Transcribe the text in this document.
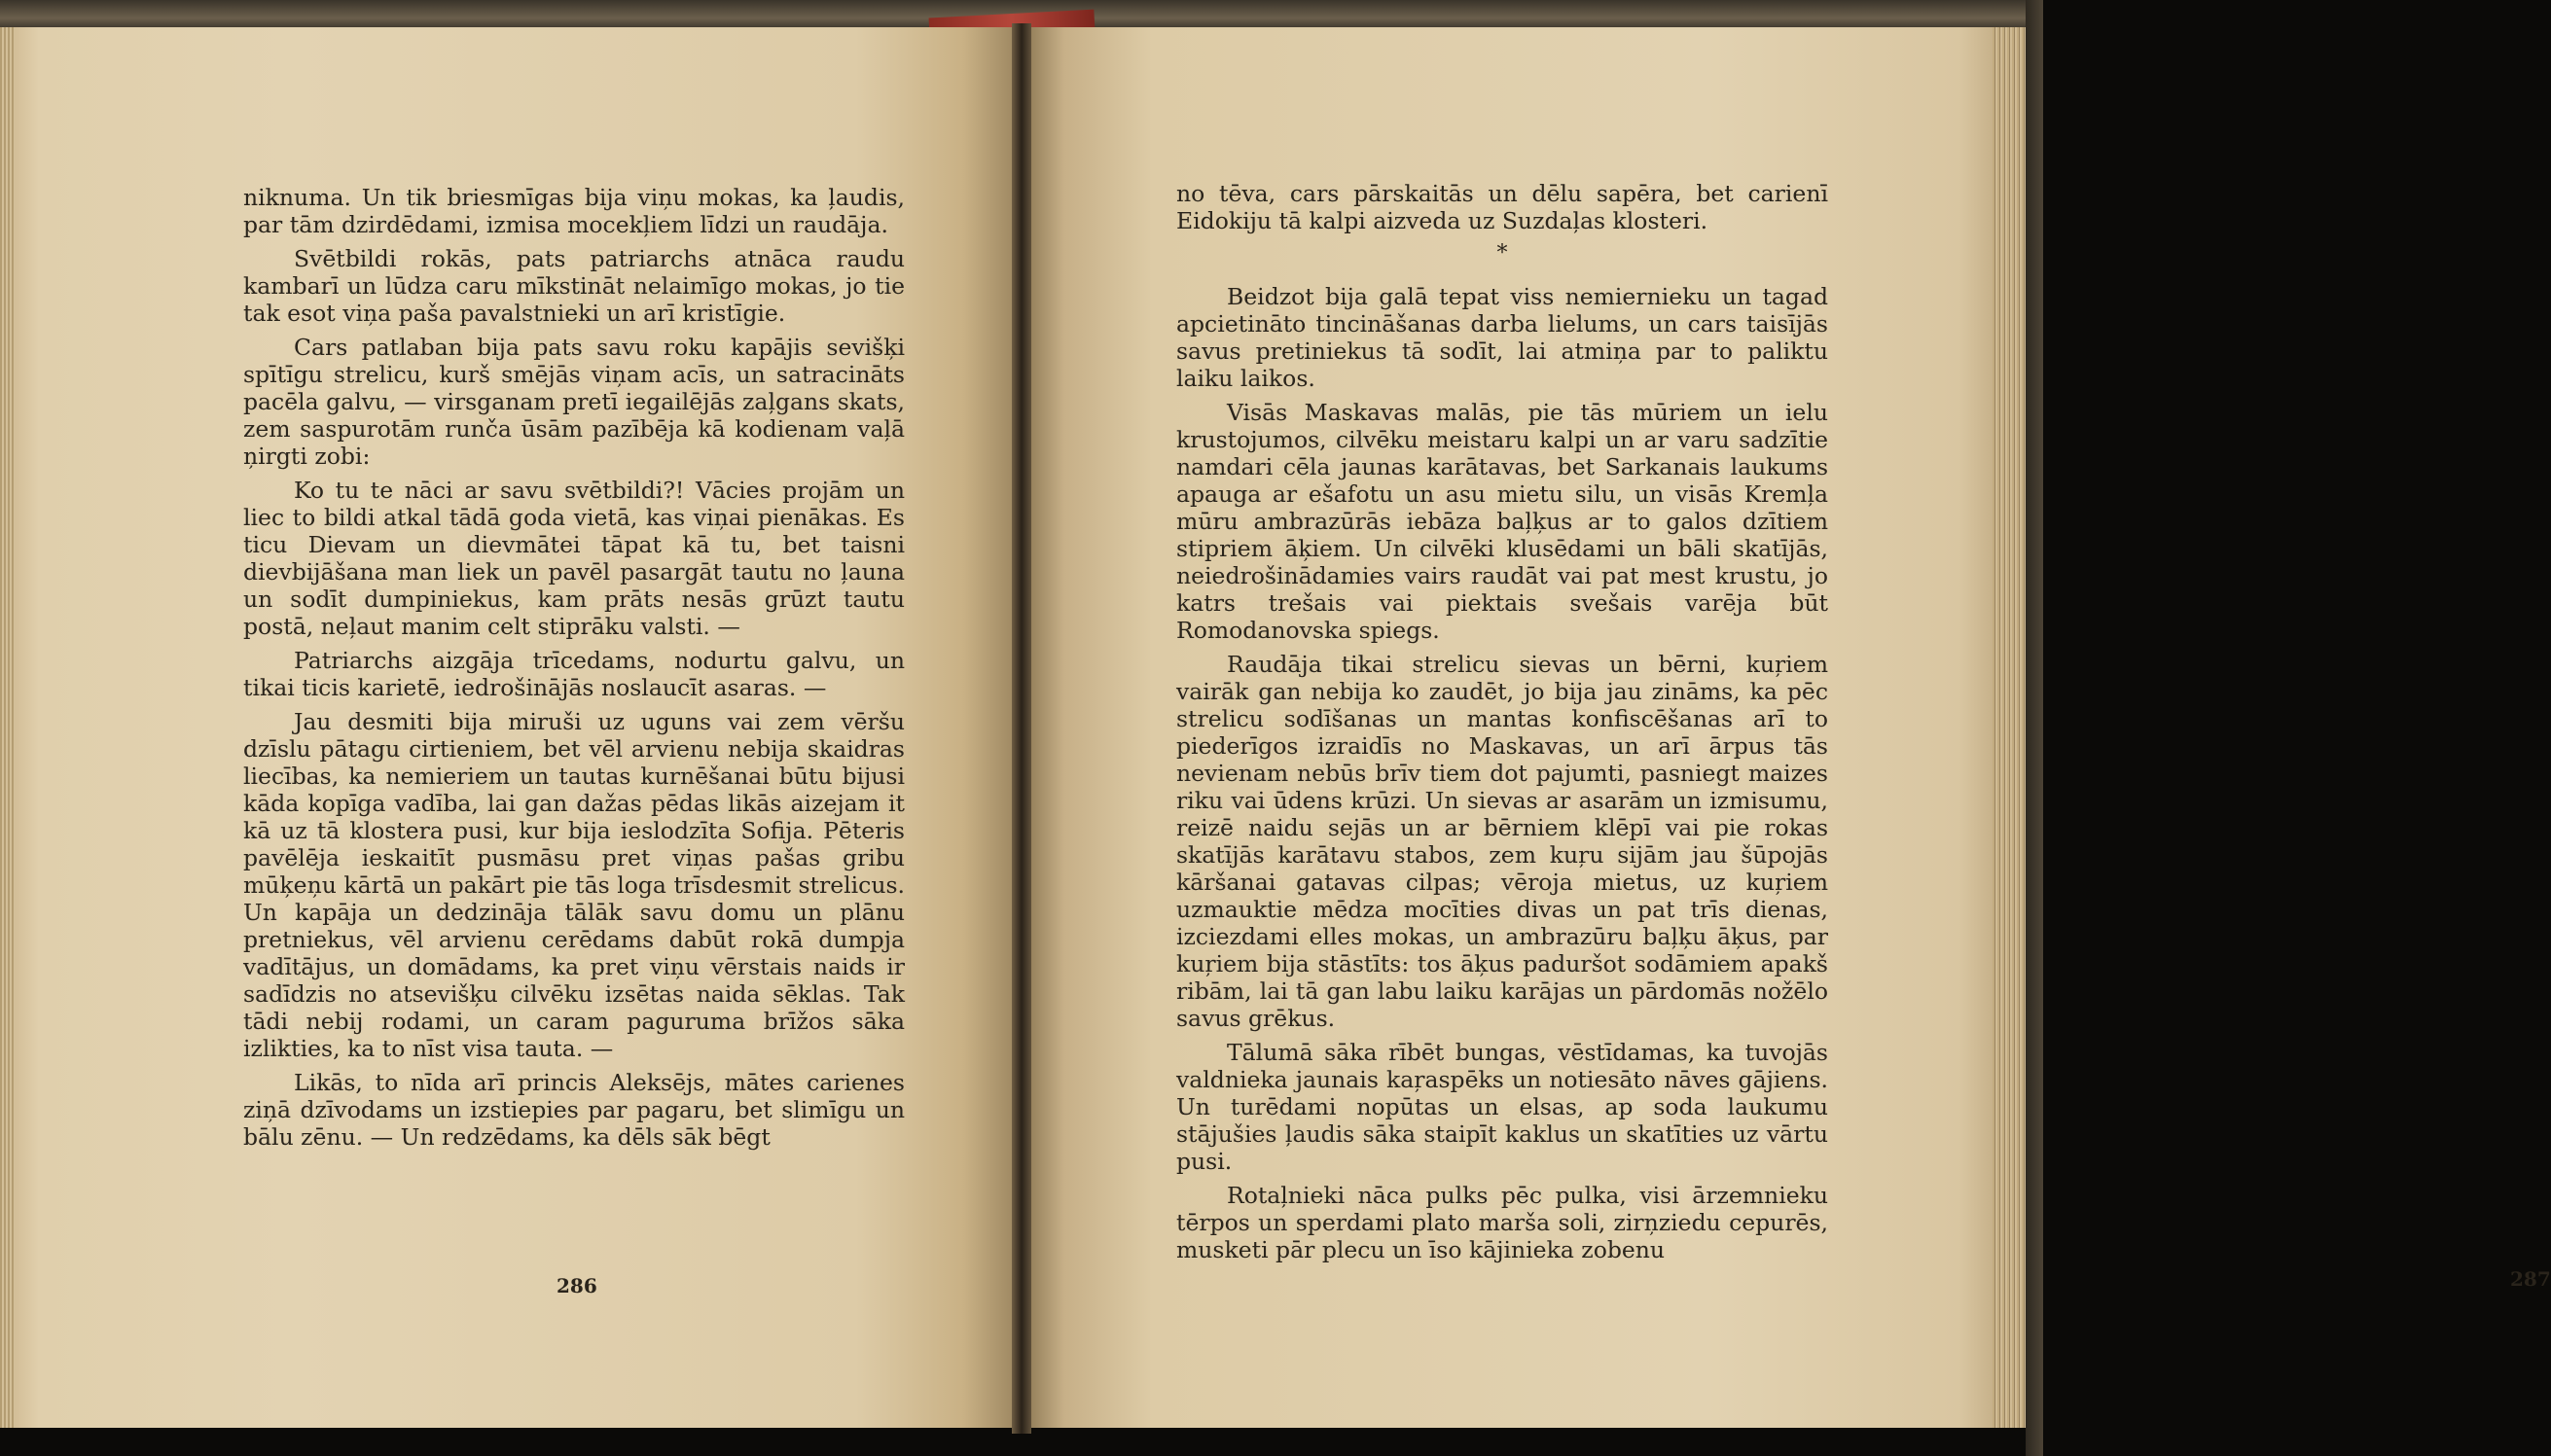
niknuma. Un tik briesmīgas bija viņu mokas, ka ļaudis, par tām dzirdēdami, izmisa mocekļiem līdzi un raudāja.

Svētbildi rokās, pats patriarchs atnāca raudu kambarī un lūdza caru mīkstināt nelaimīgo mokas, jo tie tak esot viņa paša pavalstnieki un arī kristīgie.

Cars patlaban bija pats savu roku kapājis sevišķi spītīgu strelicu, kurš smējās viņam acīs, un satracināts pacēla galvu, — virsganam pretī iegailējās zaļgans skats, zem saspurotām runča ūsām pazībēja kā kodienam vaļā ņirgti zobi:

Ko tu te nāci ar savu svētbildi?! Vācies projām un liec to bildi atkal tādā goda vietā, kas viņai pienākas. Es ticu Dievam un dievmātei tāpat kā tu, bet taisni dievbijāšana man liek un pavēl pasargāt tautu no ļauna un sodīt dumpiniekus, kam prāts nesās grūzt tautu postā, neļaut manim celt stiprāku valsti. —

Patriarchs aizgāja trīcedams, nodurtu galvu, un tikai ticis karietē, iedrošinājās noslaucīt asaras. —

Jau desmiti bija miruši uz uguns vai zem vēršu dzīslu pātagu cirtieniem, bet vēl arvienu nebija skaidras liecības, ka nemieriem un tautas kurnēšanai būtu bijusi kāda kopīga vadība, lai gan dažas pēdas likās aizejam it kā uz tā klostera pusi, kur bija ieslodzīta Sofija. Pēteris pavēlēja ieskaitīt pusmāsu pret viņas pašas gribu mūķeņu kārtā un pakārt pie tās loga trīsdesmit strelicus. Un kapāja un dedzināja tālāk savu domu un plānu pretniekus, vēl arvienu cerēdams dabūt rokā dumpja vadītājus, un domādams, ka pret viņu vērstais naids ir sadīdzis no atsevišķu cilvēku izsētas naida sēklas. Tak tādi nebij rodami, un caram paguruma brīžos sāka izlikties, ka to nīst visa tauta. —

Likās, to nīda arī princis Aleksējs, mātes carienes ziņā dzīvodams un izstiepies par pagaru, bet slimīgu un bālu zēnu. — Un redzēdams, ka dēls sāk bēgt

286

no tēva, cars pārskaitās un dēlu sapēra, bet carienī Eidokiju tā kalpi aizveda uz Suzdaļas klosteri.

*

Beidzot bija galā tepat viss nemiernieku un tagad apcietināto tincināšanas darba lielums, un cars taisījās savus pretiniekus tā sodīt, lai atmiņa par to paliktu laiku laikos.

Visās Maskavas malās, pie tās mūriem un ielu krustojumos, cilvēku meistaru kalpi un ar varu sadzītie namdari cēla jaunas karātavas, bet Sarkanais laukums apauga ar ešafotu un asu mietu silu, un visās Kremļa mūru ambrazūrās iebāza baļķus ar to galos dzītiem stipriem āķiem. Un cilvēki klusēdami un bāli skatījās, neiedrošinādamies vairs raudāt vai pat mest krustu, jo katrs trešais vai piektais svešais varēja būt Romodanovska spiegs.

Raudāja tikai strelicu sievas un bērni, kuŗiem vairāk gan nebija ko zaudēt, jo bija jau zināms, ka pēc strelicu sodīšanas un mantas konfiscēšanas arī to piederīgos izraidīs no Maskavas, un arī ārpus tās nevienam nebūs brīv tiem dot pajumti, pasniegt maizes riku vai ūdens krūzi. Un sievas ar asarām un izmisumu, reizē naidu sejās un ar bērniem klēpī vai pie rokas skatījās karātavu stabos, zem kuŗu sijām jau šūpojās kāršanai gatavas cilpas; vēroja mietus, uz kuŗiem uzmauktie mēdza mocīties divas un pat trīs dienas, izciezdami elles mokas, un ambrazūru baļķu āķus, par kuŗiem bija stāstīts: tos āķus paduršot sodāmiem apakš ribām, lai tā gan labu laiku karājas un pārdomās nožēlo savus grēkus.

Tālumā sāka rībēt bungas, vēstīdamas, ka tuvojās valdnieka jaunais kaŗaspēks un notiesāto nāves gājiens. Un turēdami nopūtas un elsas, ap soda laukumu stājušies ļaudis sāka staipīt kaklus un skatīties uz vārtu pusi.

Rotaļnieki nāca pulks pēc pulka, visi ārzemnieku tērpos un sperdami plato marša soli, zirņziedu cepurēs, musketi pār plecu un īso kājinieka zobenu

287
